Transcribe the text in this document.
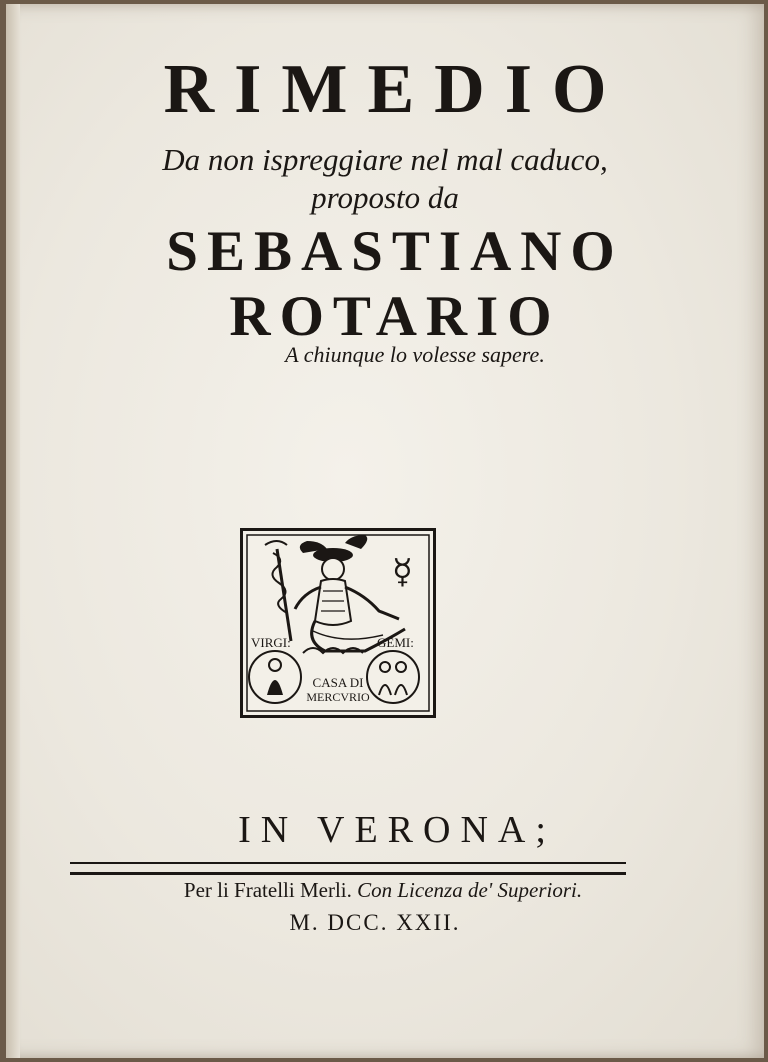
RIMEDIO
Da non ispreggiare nel mal caduco,
proposto da
SEBASTIANO
ROTARIO
A chiunque lo volesse sapere.
VIRGI:	GEMI:
CASA DI
MERCVRIO
☿
IN VERONA;
Per li Fratelli Merli. Con Licenza de' Superiori.
M. DCC. XXII.
